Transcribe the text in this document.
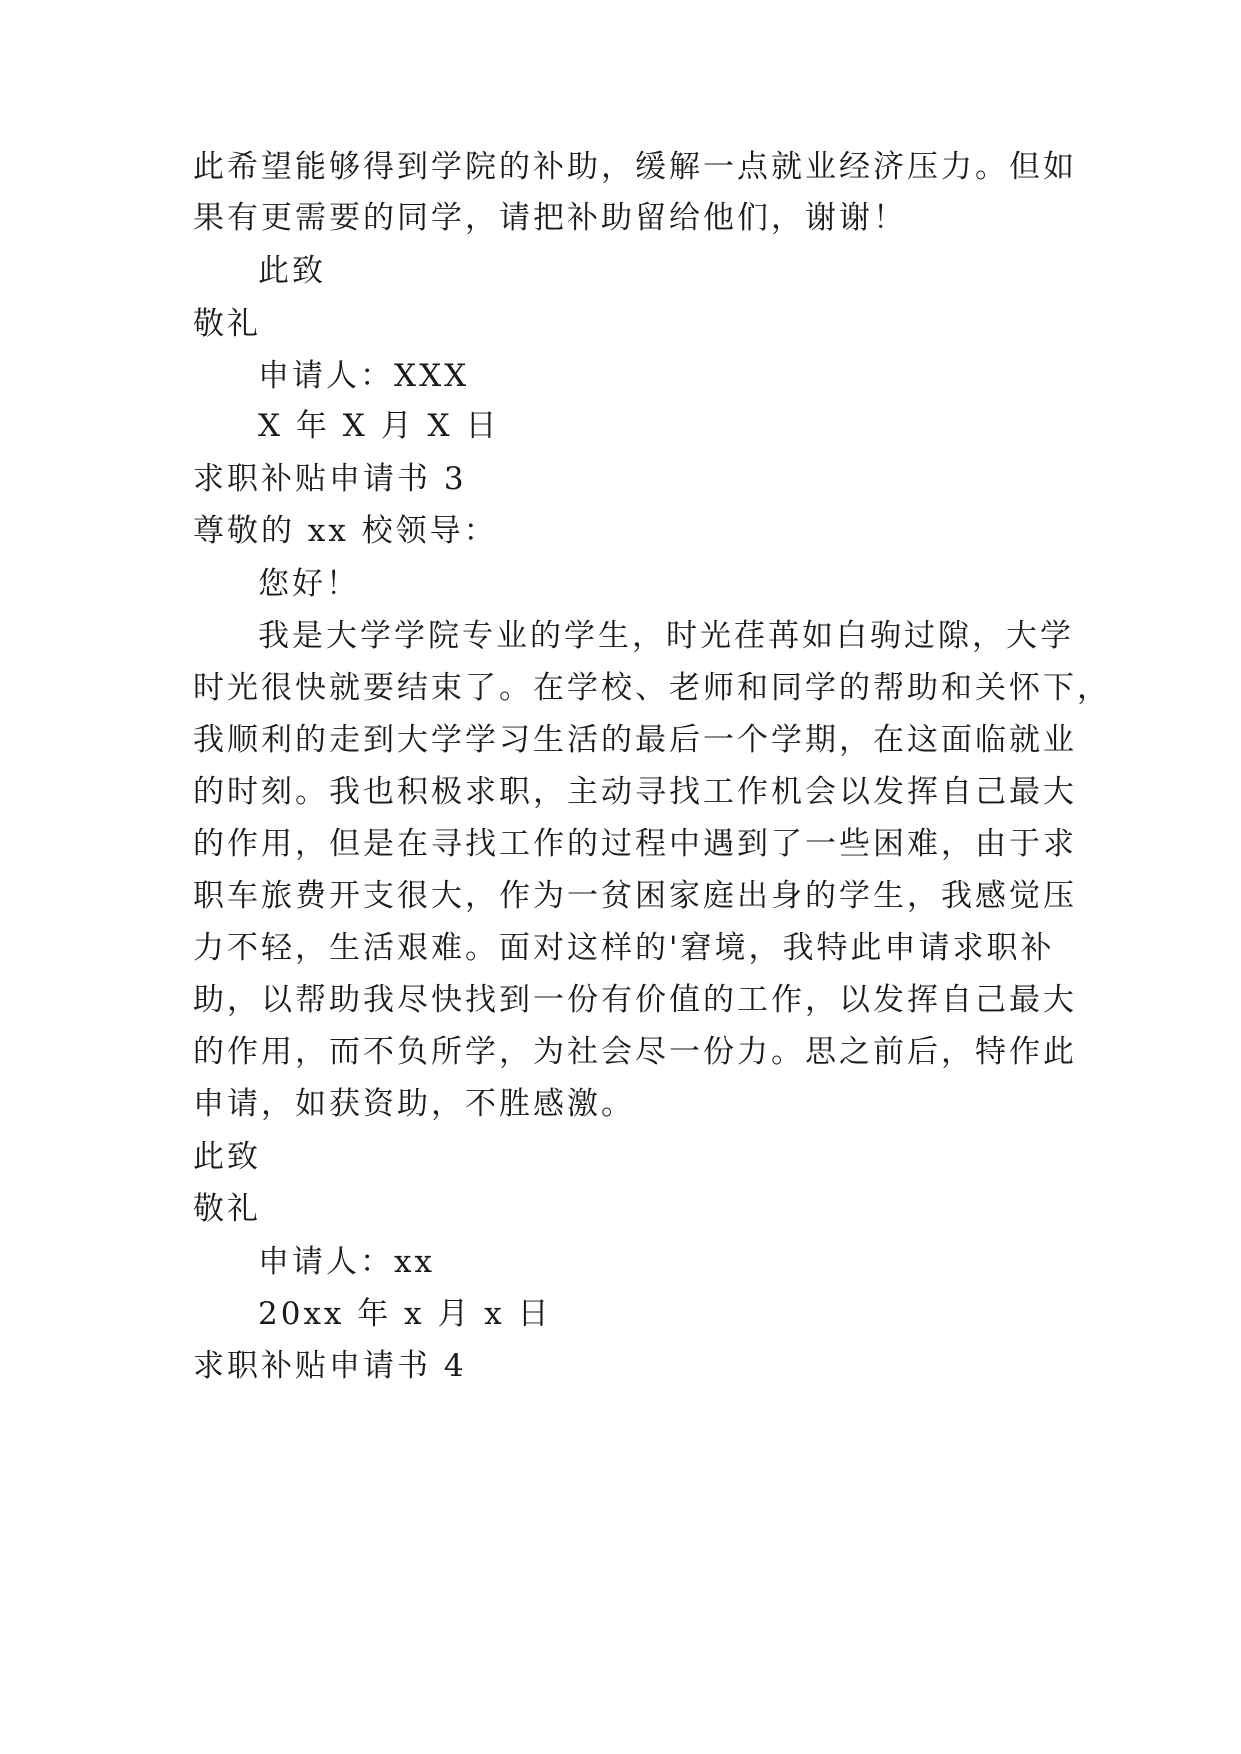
此希望能够得到学院的补助，缓解一点就业经济压力。但如
果有更需要的同学，请把补助留给他们，谢谢！
此致
敬礼
申请人：XXX
X 年 X 月 X 日
求职补贴申请书 3
尊敬的 xx 校领导：
您好！
我是大学学院专业的学生，时光荏苒如白驹过隙，大学
时光很快就要结束了。在学校、老师和同学的帮助和关怀下，
我顺利的走到大学学习生活的最后一个学期，在这面临就业
的时刻。我也积极求职，主动寻找工作机会以发挥自己最大
的作用，但是在寻找工作的过程中遇到了一些困难，由于求
职车旅费开支很大，作为一贫困家庭出身的学生，我感觉压
力不轻，生活艰难。面对这样的'窘境，我特此申请求职补
助，以帮助我尽快找到一份有价值的工作，以发挥自己最大
的作用，而不负所学，为社会尽一份力。思之前后，特作此
申请，如获资助，不胜感激。
此致
敬礼
申请人：xx
20xx 年 x 月 x 日
求职补贴申请书 4
